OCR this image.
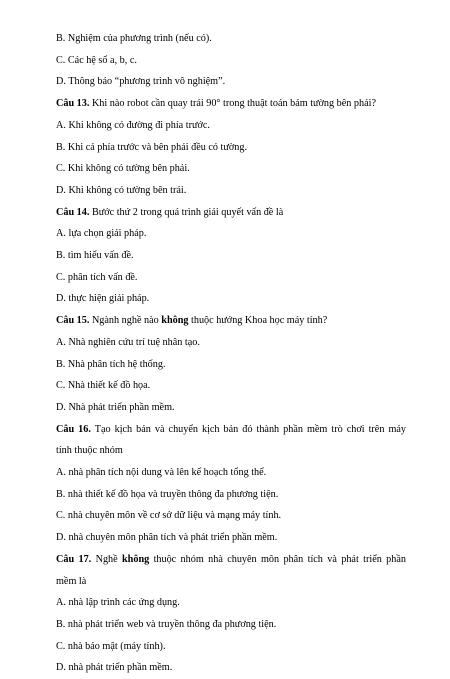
B. Nghiệm của phương trình (nếu có).
C. Các hệ số a, b, c.
D. Thông báo “phương trình vô nghiệm”.
Câu 13. Khi nào robot cần quay trái 90° trong thuật toán bám tường bên phải?
A. Khi không có đường đi phía trước.
B. Khi cả phía trước và bên phải đều có tường.
C. Khi không có tường bên phải.
D. Khi không có tường bên trái.
Câu 14. Bước thứ 2 trong quá trình giải quyết vấn đề là
A. lựa chọn giải pháp.
B. tìm hiểu vấn đề.
C. phân tích vấn đề.
D. thực hiện giải pháp.
Câu 15. Ngành nghề nào không thuộc hướng Khoa học máy tính?
A. Nhà nghiên cứu trí tuệ nhân tạo.
B. Nhà phân tích hệ thống.
C. Nhà thiết kế đồ họa.
D. Nhà phát triển phần mềm.
Câu 16. Tạo kịch bản và chuyển kịch bản đó thành phần mềm trò chơi trên máy
tính thuộc nhóm
A. nhà phân tích nội dung và lên kế hoạch tổng thể.
B. nhà thiết kế đồ họa và truyền thông đa phương tiện.
C. nhà chuyên môn về cơ sở dữ liệu và mạng máy tính.
D. nhà chuyên môn phân tích và phát triển phần mềm.
Câu 17. Nghề không thuộc nhóm nhà chuyên môn phân tích và phát triển phần
mềm là
A. nhà lập trình các ứng dụng.
B. nhà phát triển web và truyền thông đa phương tiện.
C. nhà bảo mật (máy tính).
D. nhà phát triển phần mềm.
